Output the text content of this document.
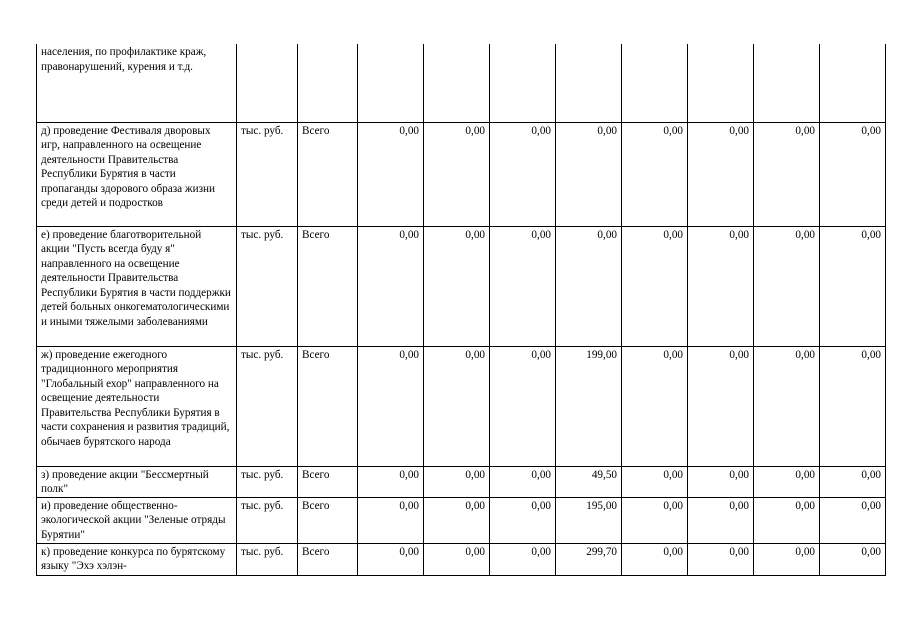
населения, по профилактике краж, правонарушений, курения и т.д.										
д) проведение Фестиваля дворовых игр, направленного на освещение деятельности Правительства Республики Бурятия в части пропаганды здорового образа жизни среди детей и подростков	тыс. руб.	Всего	0,00	0,00	0,00	0,00	0,00	0,00	0,00	0,00
е) проведение благотворительной акции "Пусть всегда буду я" направленного на освещение деятельности Правительства Республики Бурятия в части поддержки детей больных онкогематологическими и иными тяжелыми заболеваниями	тыс. руб.	Всего	0,00	0,00	0,00	0,00	0,00	0,00	0,00	0,00
ж) проведение ежегодного традиционного мероприятия "Глобальный ехор" направленного на освещение деятельности Правительства Республики Бурятия в части сохранения и развития традиций, обычаев бурятского народа	тыс. руб.	Всего	0,00	0,00	0,00	199,00	0,00	0,00	0,00	0,00
з) проведение акции "Бессмертный полк"	тыс. руб.	Всего	0,00	0,00	0,00	49,50	0,00	0,00	0,00	0,00
и) проведение общественно-экологической акции "Зеленые отряды Бурятии"	тыс. руб.	Всего	0,00	0,00	0,00	195,00	0,00	0,00	0,00	0,00
к) проведение конкурса по бурятскому языку "Эхэ хэлэн-	тыс. руб.	Всего	0,00	0,00	0,00	299,70	0,00	0,00	0,00	0,00
